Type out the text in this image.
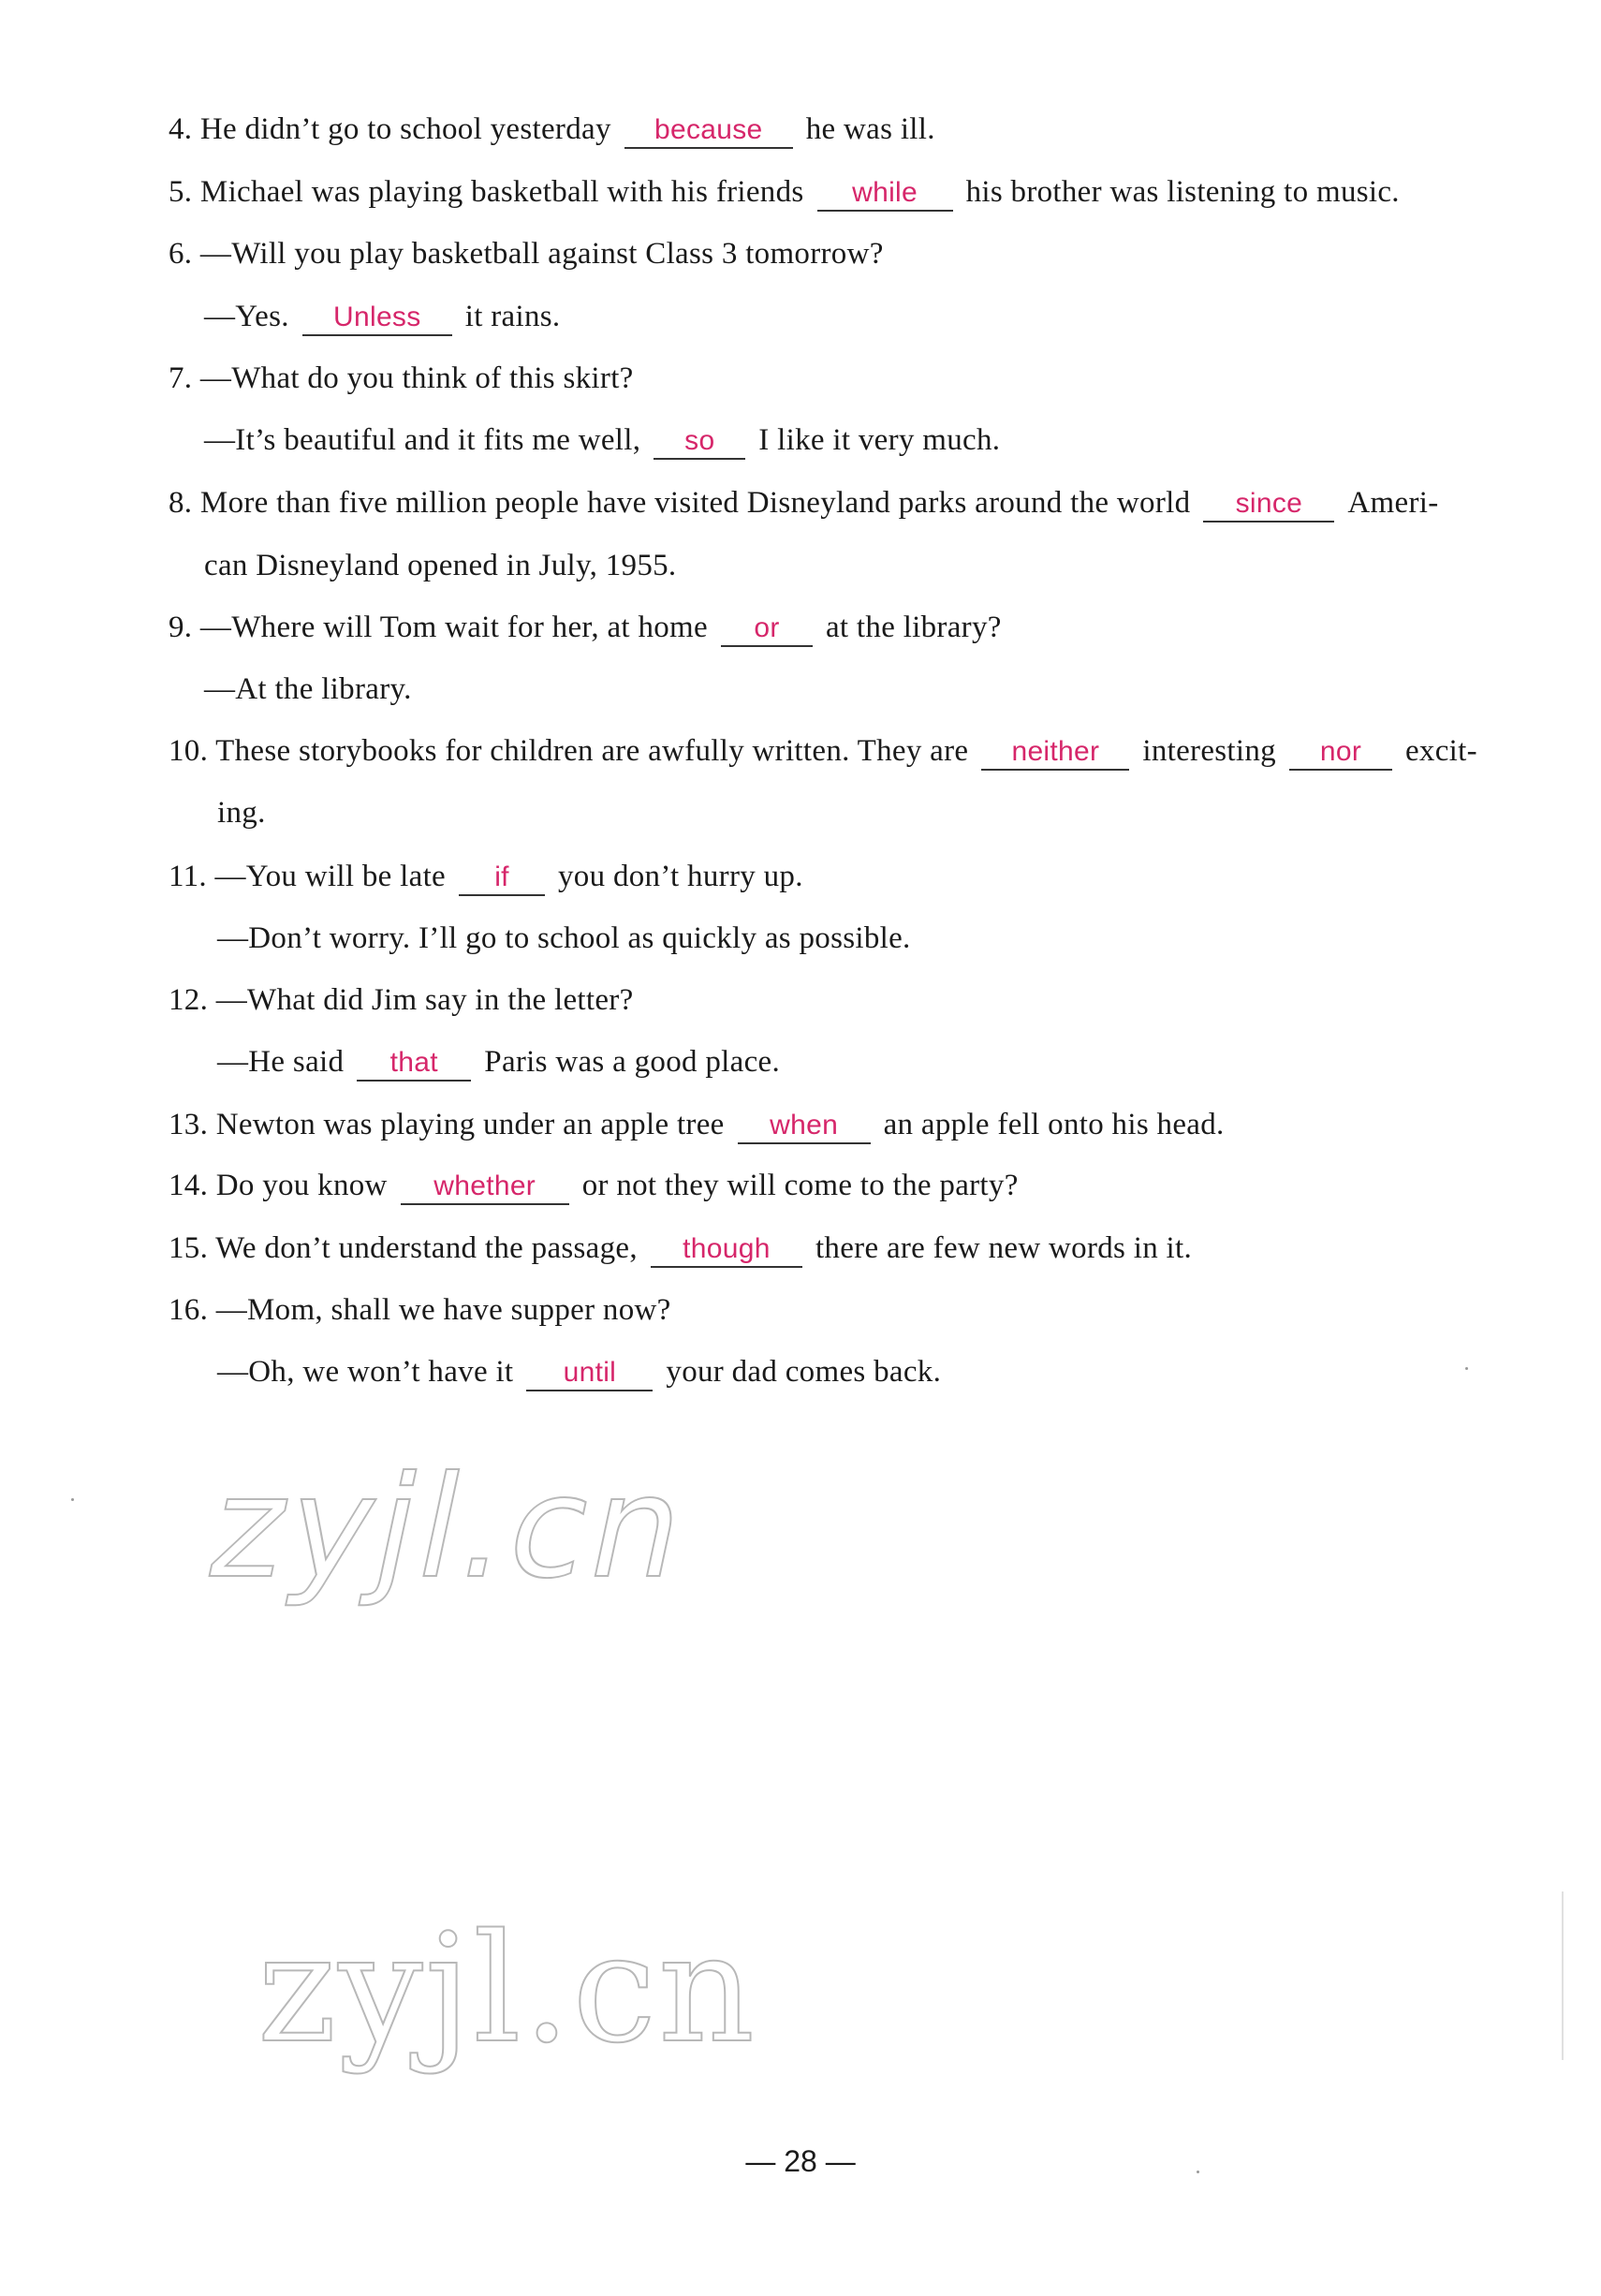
4. He didn’t go to school yesterday because he was ill.
5. Michael was playing basketball with his friends while his brother was listening to music.
6. —Will you play basketball against Class 3 tomorrow?
—Yes. Unless it rains.
7. —What do you think of this skirt?
—It’s beautiful and it fits me well, so I like it very much.
8. More than five million people have visited Disneyland parks around the world since Ameri-
can Disneyland opened in July, 1955.
9. —Where will Tom wait for her, at home or at the library?
—At the library.
10. These storybooks for children are awfully written. They are neither interesting nor excit-
ing.
11. —You will be late if you don’t hurry up.
—Don’t worry. I’ll go to school as quickly as possible.
12. —What did Jim say in the letter?
—He said that Paris was a good place.
13. Newton was playing under an apple tree when an apple fell onto his head.
14. Do you know whether or not they will come to the party?
15. We don’t understand the passage, though there are few new words in it.
16. —Mom, shall we have supper now?
—Oh, we won’t have it until your dad comes back.
zyjl.cn
zyjl.cn
— 28 —
